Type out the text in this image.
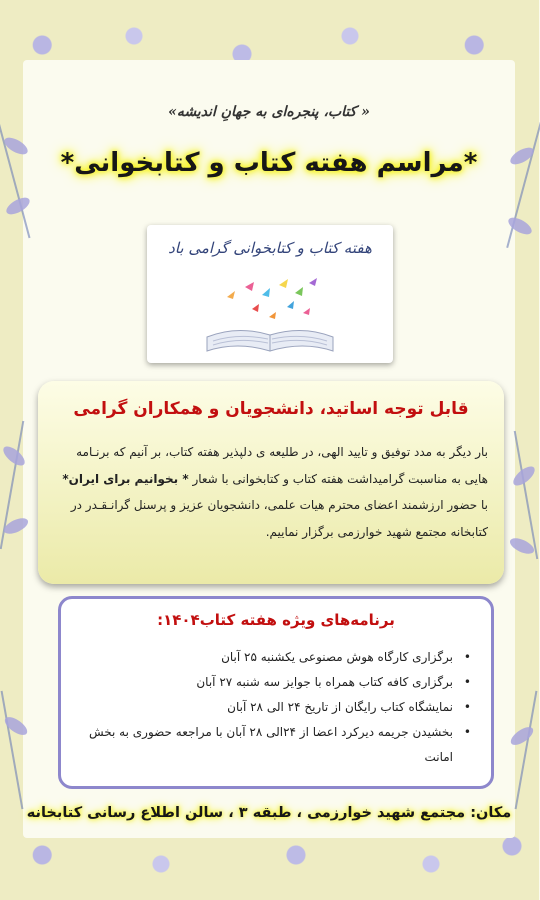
« کتاب، پنجره‌ای به جهانِ اندیشه»
*مراسم هفته کتاب و کتابخوانی*
هفته کتاب و کتابخوانی گرامی باد
قابل توجه اساتید، دانشجویان و همکاران گرامی
بار دیگر به مدد توفیق و تایید الهی، در طلیعه ی دلپذیر هفته کتاب، بر آنیم که برنـامه
هایی به مناسبت گرامیداشت هفته کتاب و کتابخوانی با شعار * بخوانیم برای ایران*
با حضور ارزشمند اعضای محترم هیات علمی، دانشجویان عزیز و پرسنل گرانـقـدر در
کتابخانه مجتمع شهید خوارزمی برگزار نماییم.
برنامه‌های ویژه هفته کتاب۱۴۰۴:
• برگزاری کارگاه هوش مصنوعی یکشنبه ۲۵ آبان
• برگزاری کافه کتاب همراه با جوایز سه شنبه ۲۷ آبان
• نمایشگاه کتاب رایگان از تاریخ ۲۴ الی ۲۸ آبان
• بخشیدن جریمه دیرکرد اعضا از ۲۴الی ۲۸ آبان با مراجعه حضوری به بخش امانت
مکان: مجتمع شهید خوارزمی ، طبقه ۳ ، سالن اطلاع رسانی کتابخانه
